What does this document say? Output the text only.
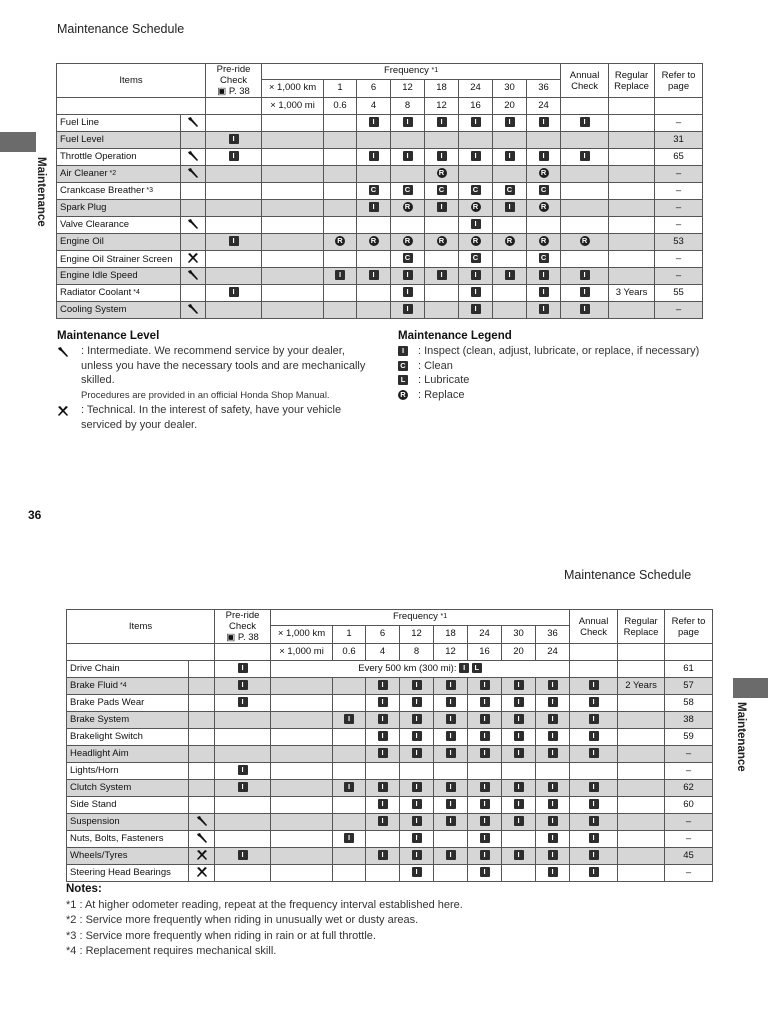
Maintenance Schedule
Maintenance
Items		Pre-ride
Check
▣ P. 38	Frequency $^{*1}$								Annual
Check	Regular
Replace	Refer to
page
			× 1,000 km	1	6	12	18	24	30	36			
			× 1,000 mi	0.6	4	8	12	16	20	24			
Fuel Line					I	I	I	I	I	I	I		–
Fuel Level		I											31
Throttle Operation		I			I	I	I	I	I	I	I		65
Air Cleaner $^{*2}$							R			R			–
Crankcase Breather $^{*3}$					C	C	C	C	C	C			–
Spark Plug					I	R	I	R	I	R			–
Valve Clearance								I					–
Engine Oil		I		R	R	R	R	R	R	R	R		53
Engine Oil Strainer Screen						C		C		C			–
Engine Idle Speed				I	I	I	I	I	I	I	I		–
Radiator Coolant $^{*4}$		I				I		I		I	I	3 Years	55
Cooling System						I		I		I	I		–
Maintenance Level
: Intermediate. We recommend service by your dealer, unless you have the necessary tools and are mechanically skilled.
Procedures are provided in an official Honda Shop Manual.
: Technical. In the interest of safety, have your vehicle serviced by your dealer.
Maintenance Legend
I	: Inspect (clean, adjust, lubricate, or replace, if necessary)
C : Clean
L : Lubricate
R : Replace
36
Maintenance Schedule
Maintenance
Items		Pre-ride
Check
▣ P. 38	Frequency $^{*1}$								Annual
Check	Regular
Replace	Refer to
page
			× 1,000 km	1	6	12	18	24	30	36			
			× 1,000 mi	0.6	4	8	12	16	20	24			
Drive Chain		I	Every 500 km (300 mi): I L										61
Brake Fluid $^{*4}$		I			I	I	I	I	I	I	I	2 Years	57
Brake Pads Wear		I			I	I	I	I	I	I	I		58
Brake System				I	I	I	I	I	I	I	I		38
Brakelight Switch					I	I	I	I	I	I	I		59
Headlight Aim					I	I	I	I	I	I	I		–
Lights/Horn		I											–
Clutch System		I		I	I	I	I	I	I	I	I		62
Side Stand					I	I	I	I	I	I	I		60
Suspension					I	I	I	I	I	I	I		–
Nuts, Bolts, Fasteners				I		I		I		I	I		–
Wheels/Tyres		I			I	I	I	I	I	I	I		45
Steering Head Bearings						I		I		I	I		–
Notes:
*1 : At higher odometer reading, repeat at the frequency interval established here.
*2 : Service more frequently when riding in unusually wet or dusty areas.
*3 : Service more frequently when riding in rain or at full throttle.
*4 : Replacement requires mechanical skill.
